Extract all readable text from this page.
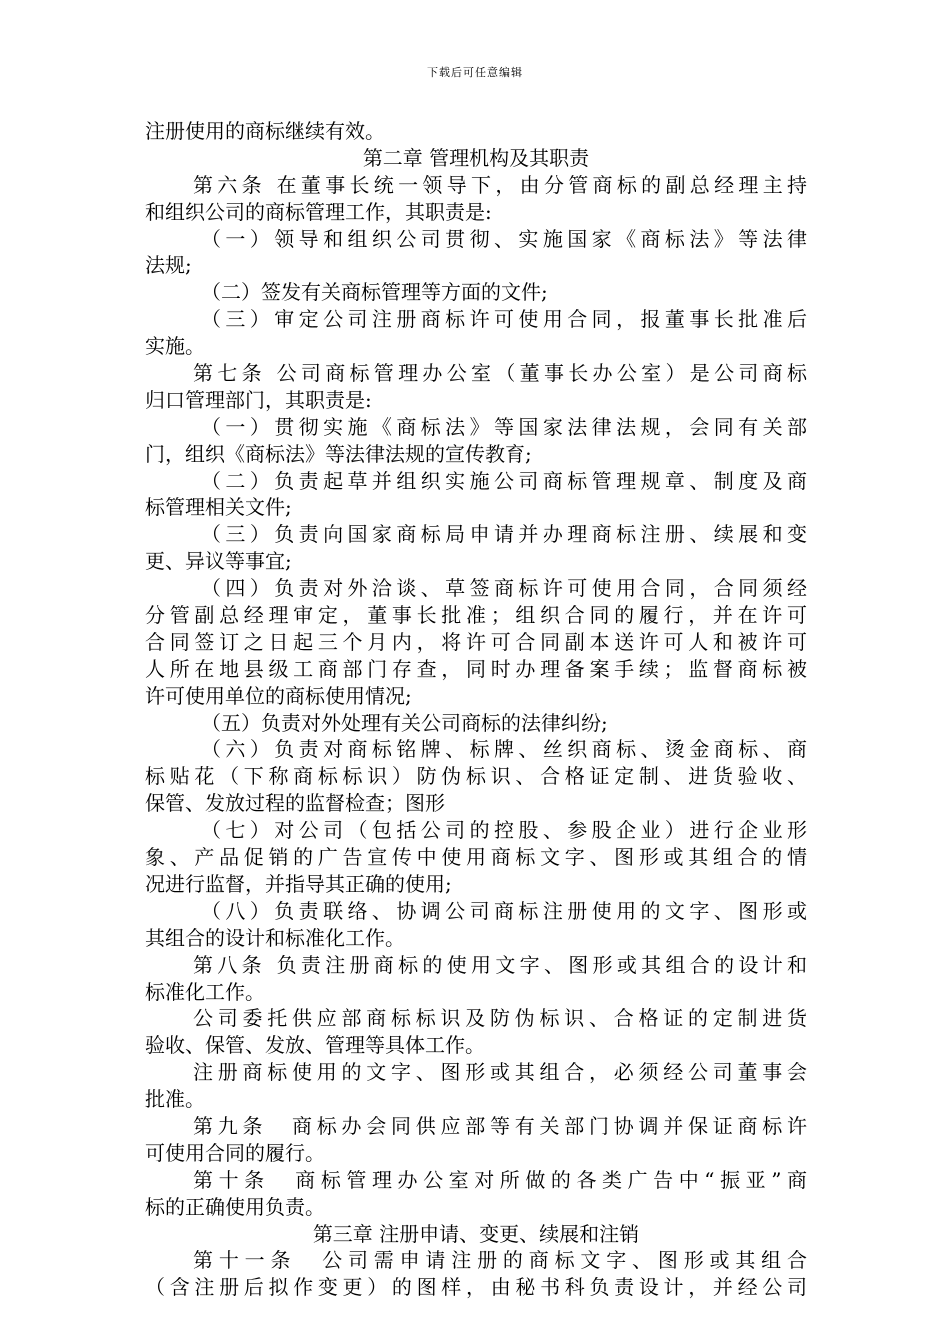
下载后可任意编辑
注册使用的商标继续有效。
第二章 管理机构及其职责
第六条 在董事长统一领导下，由分管商标的副总经理主持
和组织公司的商标管理工作，其职责是:
（一）领导和组织公司贯彻、实施国家《商标法》等法律
法规;
（二）签发有关商标管理等方面的文件;
（三）审定公司注册商标许可使用合同，报董事长批准后
实施。
第七条 公司商标管理办公室（董事长办公室）是公司商标
归口管理部门，其职责是:
（一）贯彻实施《商标法》等国家法律法规，会同有关部
门，组织《商标法》等法律法规的宣传教育;
（二）负责起草并组织实施公司商标管理规章、制度及商
标管理相关文件;
（三）负责向国家商标局申请并办理商标注册、续展和变
更、异议等事宜;
（四）负责对外洽谈、草签商标许可使用合同，合同须经
分管副总经理审定，董事长批准；组织合同的履行，并在许可
合同签订之日起三个月内，将许可合同副本送许可人和被许可
人所在地县级工商部门存查，同时办理备案手续；监督商标被
许可使用单位的商标使用情况;
（五）负责对外处理有关公司商标的法律纠纷;
（六）负责对商标铭牌、标牌、丝织商标、烫金商标、商
标贴花（下称商标标识）防伪标识、合格证定制、进货验收、
保管、发放过程的监督检查；图形
（七）对公司（包括公司的控股、参股企业）进行企业形
象、产品促销的广告宣传中使用商标文字、图形或其组合的情
况进行监督，并指导其正确的使用;
（八）负责联络、协调公司商标注册使用的文字、图形或
其组合的设计和标准化工作。
第八条 负责注册商标的使用文字、图形或其组合的设计和
标准化工作。
公司委托供应部商标标识及防伪标识、合格证的定制进货
验收、保管、发放、管理等具体工作。
注册商标使用的文字、图形或其组合，必须经公司董事会
批准。
第九条　商标办会同供应部等有关部门协调并保证商标许
可使用合同的履行。
第十条　商标管理办公室对所做的各类广告中“振亚”商
标的正确使用负责。
第三章 注册申请、变更、续展和注销
第十一条　公司需申请注册的商标文字、图形或其组合
（含注册后拟作变更）的图样，由秘书科负责设计，并经公司
